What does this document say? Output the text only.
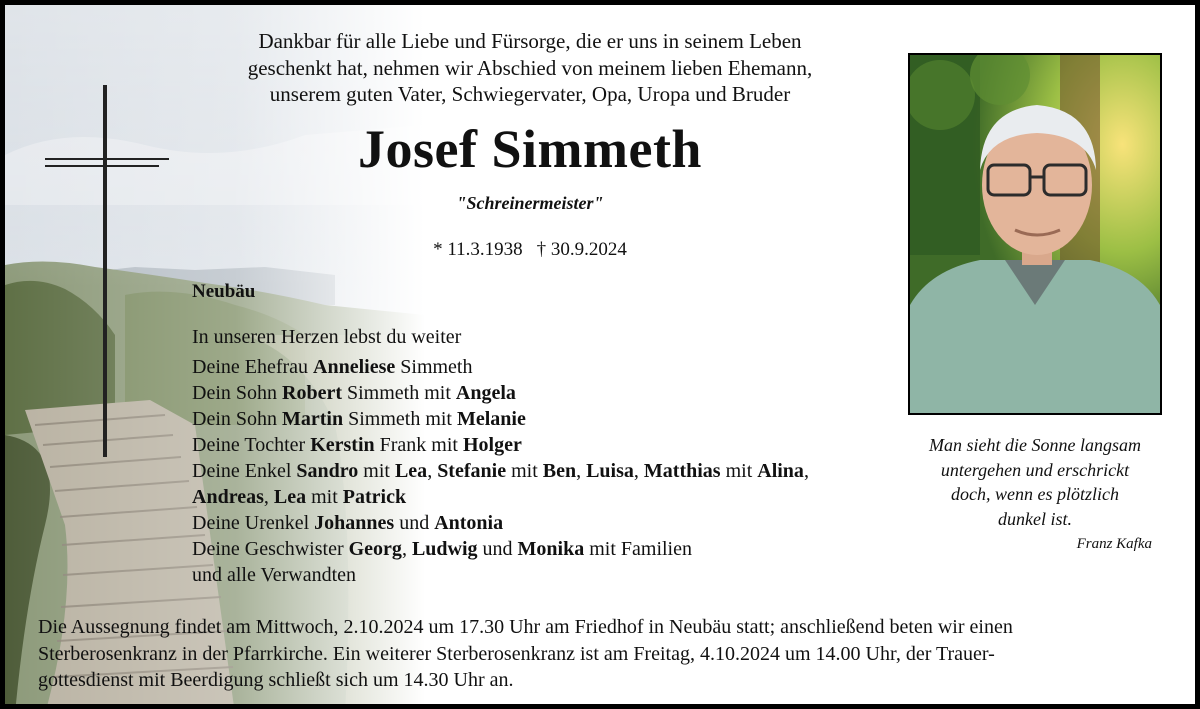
Dankbar für alle Liebe und Fürsorge, die er uns in seinem Leben
geschenkt hat, nehmen wir Abschied von meinem lieben Ehemann,
unserem guten Vater, Schwiegervater, Opa, Uropa und Bruder
Josef Simmeth
"Schreinermeister"
* 11.3.1938 † 30.9.2024
Neubäu
In unseren Herzen lebst du weiter
Deine Ehefrau Anneliese Simmeth
Dein Sohn Robert Simmeth mit Angela
Dein Sohn Martin Simmeth mit Melanie
Deine Tochter Kerstin Frank mit Holger
Deine Enkel Sandro mit Lea, Stefanie mit Ben, Luisa, Matthias mit Alina,
Andreas, Lea mit Patrick
Deine Urenkel Johannes und Antonia
Deine Geschwister Georg, Ludwig und Monika mit Familien
und alle Verwandten
Man sieht die Sonne langsam
untergehen und erschrickt
doch, wenn es plötzlich
dunkel ist.
Franz Kafka
Die Aussegnung findet am Mittwoch, 2.10.2024 um 17.30 Uhr am Friedhof in Neubäu statt; anschließend beten wir einen
Sterberosenkranz in der Pfarrkirche. Ein weiterer Sterberosenkranz ist am Freitag, 4.10.2024 um 14.00 Uhr, der Trauer-
gottesdienst mit Beerdigung schließt sich um 14.30 Uhr an.
